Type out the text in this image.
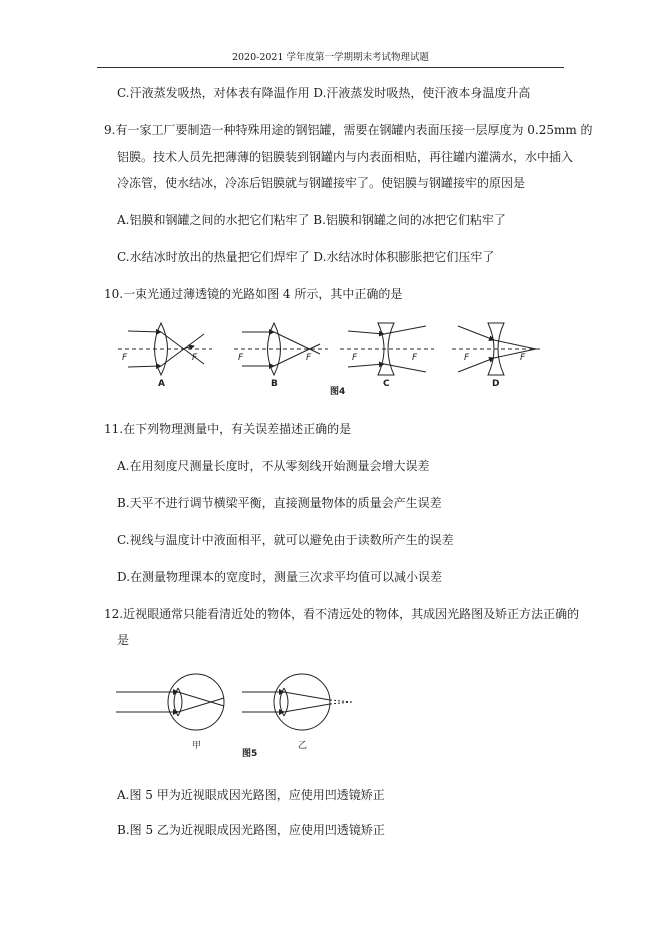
2020-2021 学年度第一学期期末考试物理试题
C.汗液蒸发吸热，对体表有降温作用 D.汗液蒸发时吸热，使汗液本身温度升高
9.有一家工厂要制造一种特殊用途的钢铝罐，需要在钢罐内表面压接一层厚度为 0.25mm 的
铝膜。技术人员先把薄薄的铝膜装到钢罐内与内表面相贴，再往罐内灌满水，水中插入
冷冻管，使水结冰，冷冻后铝膜就与钢罐接牢了。使铝膜与钢罐接牢的原因是
A.铝膜和钢罐之间的水把它们粘牢了 B.铝膜和钢罐之间的冰把它们粘牢了
C.水结冰时放出的热量把它们焊牢了 D.水结冰时体积膨胀把它们压牢了
10.一束光通过薄透镜的光路如图 4 所示，其中正确的是
F	F	F	F	F	F	F	F
A	B	C	D
图4
11.在下列物理测量中，有关误差描述正确的是
A.在用刻度尺测量长度时，不从零刻线开始测量会增大误差
B.天平不进行调节横梁平衡，直接测量物体的质量会产生误差
C.视线与温度计中液面相平，就可以避免由于读数所产生的误差
D.在测量物理课本的宽度时，测量三次求平均值可以减小误差
12.近视眼通常只能看清近处的物体，看不清远处的物体，其成因光路图及矫正方法正确的
是
甲	乙
图5
A.图 5 甲为近视眼成因光路图，应使用凹透镜矫正
B.图 5 乙为近视眼成因光路图，应使用凹透镜矫正
